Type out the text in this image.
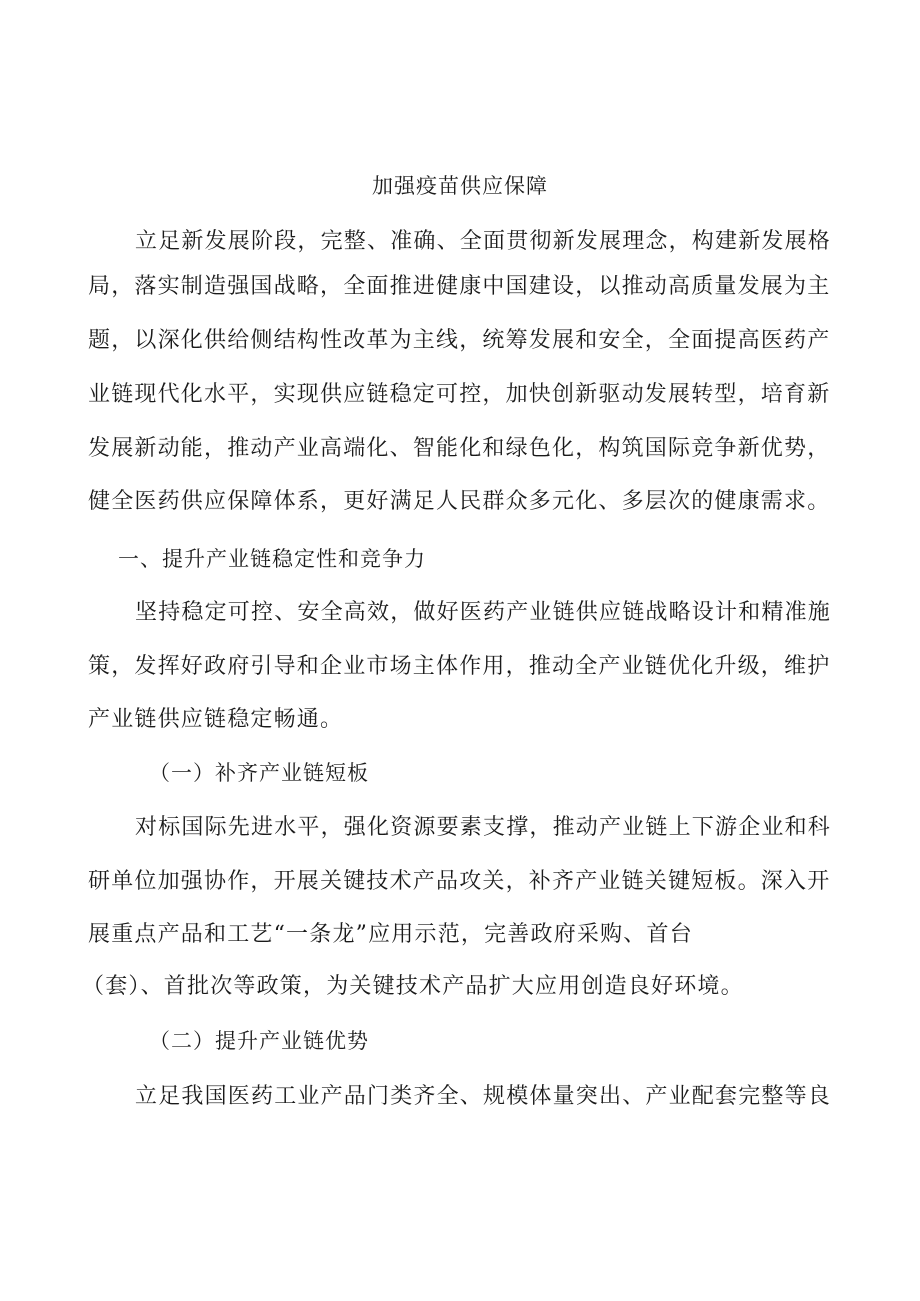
加强疫苗供应保障
立足新发展阶段，完整、准确、全面贯彻新发展理念，构建新发展格
局，落实制造强国战略，全面推进健康中国建设，以推动高质量发展为主
题，以深化供给侧结构性改革为主线，统筹发展和安全，全面提高医药产
业链现代化水平，实现供应链稳定可控，加快创新驱动发展转型，培育新
发展新动能，推动产业高端化、智能化和绿色化，构筑国际竞争新优势，
健全医药供应保障体系，更好满足人民群众多元化、多层次的健康需求。
一、提升产业链稳定性和竞争力
坚持稳定可控、安全高效，做好医药产业链供应链战略设计和精准施
策，发挥好政府引导和企业市场主体作用，推动全产业链优化升级，维护
产业链供应链稳定畅通。
（一）补齐产业链短板
对标国际先进水平，强化资源要素支撑，推动产业链上下游企业和科
研单位加强协作，开展关键技术产品攻关，补齐产业链关键短板。深入开
展重点产品和工艺“一条龙”应用示范，完善政府采购、首台
（套）、首批次等政策，为关键技术产品扩大应用创造良好环境。
（二）提升产业链优势
立足我国医药工业产品门类齐全、规模体量突出、产业配套完整等良
